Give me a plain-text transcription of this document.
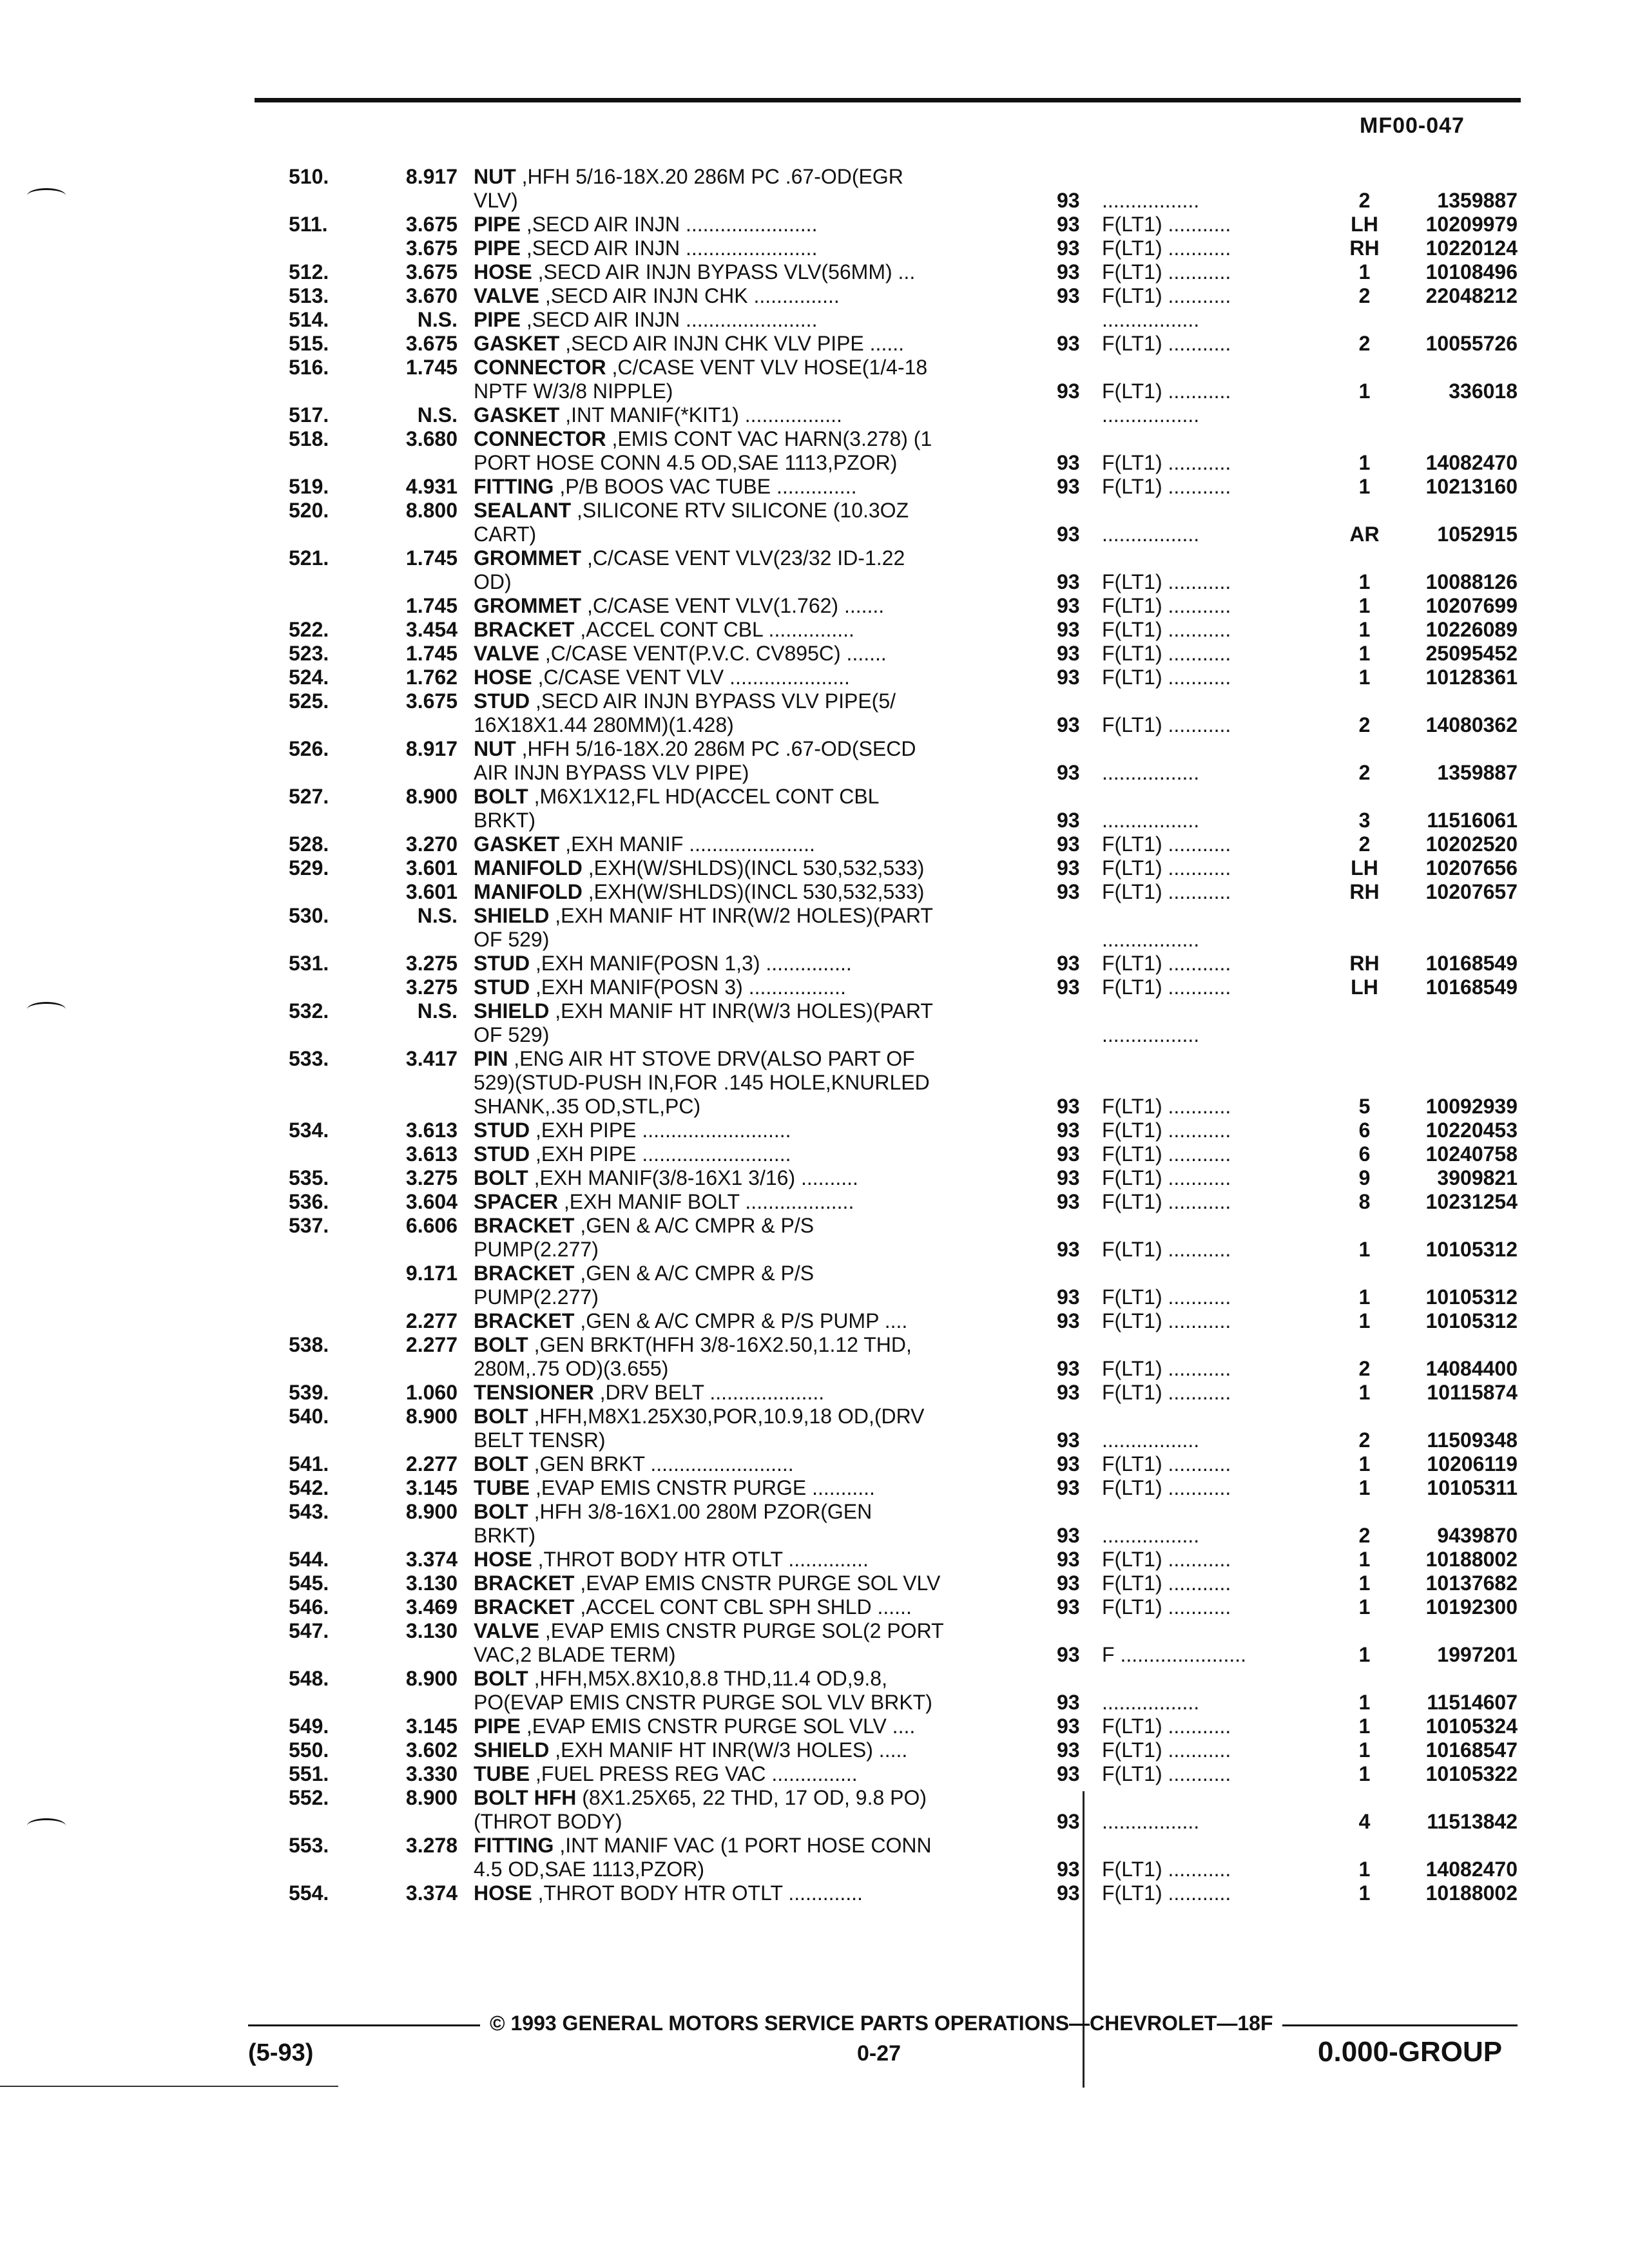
MF00-047
510.	8.917 NUT ,HFH 5/16-18X.20 286M PC .67-OD(EGR
VLV)	93	.................	2	1359887
511.	3.675 PIPE ,SECD AIR INJN .......................	93	F(LT1) ...........	LH	10209979
3.675 PIPE ,SECD AIR INJN .......................	93	F(LT1) ...........	RH	10220124
512.	3.675 HOSE ,SECD AIR INJN BYPASS VLV(56MM) ...	93	F(LT1) ...........	1	10108496
513.	3.670 VALVE ,SECD AIR INJN CHK ...............	93	F(LT1) ...........	2	22048212
514.	N.S. PIPE ,SECD AIR INJN .......................	.................
515.	3.675 GASKET ,SECD AIR INJN CHK VLV PIPE ......	93	F(LT1) ...........	2	10055726
516.	1.745 CONNECTOR ,C/CASE VENT VLV HOSE(1/4-18
NPTF W/3/8 NIPPLE)	93	F(LT1) ...........	1	336018
517.	N.S. GASKET ,INT MANIF(*KIT1) .................	.................
518.	3.680 CONNECTOR ,EMIS CONT VAC HARN(3.278) (1
PORT HOSE CONN 4.5 OD,SAE 1113,PZOR)	93	F(LT1) ...........	1	14082470
519.	4.931 FITTING ,P/B BOOS VAC TUBE ..............	93	F(LT1) ...........	1	10213160
520.	8.800 SEALANT ,SILICONE RTV SILICONE (10.3OZ
CART)	93	.................	AR	1052915
521.	1.745 GROMMET ,C/CASE VENT VLV(23/32 ID-1.22
OD)	93	F(LT1) ...........	1	10088126
1.745 GROMMET ,C/CASE VENT VLV(1.762) .......	93	F(LT1) ...........	1	10207699
522.	3.454 BRACKET ,ACCEL CONT CBL ...............	93	F(LT1) ...........	1	10226089
523.	1.745 VALVE ,C/CASE VENT(P.V.C. CV895C) .......	93	F(LT1) ...........	1	25095452
524.	1.762 HOSE ,C/CASE VENT VLV .....................	93	F(LT1) ...........	1	10128361
525.	3.675 STUD ,SECD AIR INJN BYPASS VLV PIPE(5/
16X18X1.44 280MM)(1.428)	93	F(LT1) ...........	2	14080362
526.	8.917 NUT ,HFH 5/16-18X.20 286M PC .67-OD(SECD
AIR INJN BYPASS VLV PIPE)	93	.................	2	1359887
527.	8.900 BOLT ,M6X1X12,FL HD(ACCEL CONT CBL
BRKT)	93	.................	3	11516061
528.	3.270 GASKET ,EXH MANIF ......................	93	F(LT1) ...........	2	10202520
529.	3.601 MANIFOLD ,EXH(W/SHLDS)(INCL 530,532,533)	93	F(LT1) ...........	LH	10207656
3.601 MANIFOLD ,EXH(W/SHLDS)(INCL 530,532,533)	93	F(LT1) ...........	RH	10207657
530.	N.S. SHIELD ,EXH MANIF HT INR(W/2 HOLES)(PART
OF 529)	.................
531.	3.275 STUD ,EXH MANIF(POSN 1,3) ...............	93	F(LT1) ...........	RH	10168549
3.275 STUD ,EXH MANIF(POSN 3) .................	93	F(LT1) ...........	LH	10168549
532.	N.S. SHIELD ,EXH MANIF HT INR(W/3 HOLES)(PART
OF 529)	.................
533.	3.417 PIN ,ENG AIR HT STOVE DRV(ALSO PART OF
529)(STUD-PUSH IN,FOR .145 HOLE,KNURLED
SHANK,.35 OD,STL,PC)	93	F(LT1) ...........	5	10092939
534.	3.613 STUD ,EXH PIPE ..........................	93	F(LT1) ...........	6	10220453
3.613 STUD ,EXH PIPE ..........................	93	F(LT1) ...........	6	10240758
535.	3.275 BOLT ,EXH MANIF(3/8-16X1 3/16) ..........	93	F(LT1) ...........	9	3909821
536.	3.604 SPACER ,EXH MANIF BOLT ...................	93	F(LT1) ...........	8	10231254
537.	6.606 BRACKET ,GEN & A/C CMPR & P/S
PUMP(2.277)	93	F(LT1) ...........	1	10105312
9.171 BRACKET ,GEN & A/C CMPR & P/S
PUMP(2.277)	93	F(LT1) ...........	1	10105312
2.277 BRACKET ,GEN & A/C CMPR & P/S PUMP ....	93	F(LT1) ...........	1	10105312
538.	2.277 BOLT ,GEN BRKT(HFH 3/8-16X2.50,1.12 THD,
280M,.75 OD)(3.655)	93	F(LT1) ...........	2	14084400
539.	1.060 TENSIONER ,DRV BELT ....................	93	F(LT1) ...........	1	10115874
540.	8.900 BOLT ,HFH,M8X1.25X30,POR,10.9,18 OD,(DRV
BELT TENSR)	93	.................	2	11509348
541.	2.277 BOLT ,GEN BRKT .........................	93	F(LT1) ...........	1	10206119
542.	3.145 TUBE ,EVAP EMIS CNSTR PURGE ...........	93	F(LT1) ...........	1	10105311
543.	8.900 BOLT ,HFH 3/8-16X1.00 280M PZOR(GEN
BRKT)	93	.................	2	9439870
544.	3.374 HOSE ,THROT BODY HTR OTLT ..............	93	F(LT1) ...........	1	10188002
545.	3.130 BRACKET ,EVAP EMIS CNSTR PURGE SOL VLV	93	F(LT1) ...........	1	10137682
546.	3.469 BRACKET ,ACCEL CONT CBL SPH SHLD ......	93	F(LT1) ...........	1	10192300
547.	3.130 VALVE ,EVAP EMIS CNSTR PURGE SOL(2 PORT
VAC,2 BLADE TERM)	93	F ......................	1	1997201
548.	8.900 BOLT ,HFH,M5X.8X10,8.8 THD,11.4 OD,9.8,
PO(EVAP EMIS CNSTR PURGE SOL VLV BRKT)	93	.................	1	11514607
549.	3.145 PIPE ,EVAP EMIS CNSTR PURGE SOL VLV ....	93	F(LT1) ...........	1	10105324
550.	3.602 SHIELD ,EXH MANIF HT INR(W/3 HOLES) .....	93	F(LT1) ...........	1	10168547
551.	3.330 TUBE ,FUEL PRESS REG VAC ...............	93	F(LT1) ...........	1	10105322
552.	8.900 BOLT HFH (8X1.25X65, 22 THD, 17 OD, 9.8 PO)
(THROT BODY)	93	.................	4	11513842
553.	3.278 FITTING ,INT MANIF VAC (1 PORT HOSE CONN
4.5 OD,SAE 1113,PZOR)	93	F(LT1) ...........	1	14082470
554.	3.374 HOSE ,THROT BODY HTR OTLT .............	93	F(LT1) ...........	1	10188002
© 1993 GENERAL MOTORS SERVICE PARTS OPERATIONS—CHEVROLET—18F
(5-93)	0-27	0.000-GROUP
